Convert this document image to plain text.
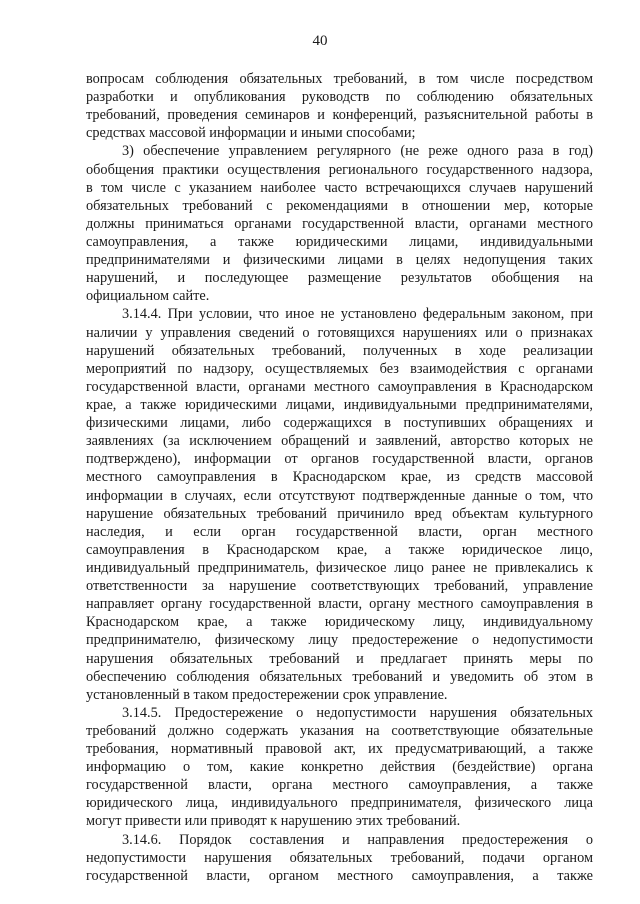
40
вопросам соблюдения обязательных требований, в том числе посредством
разработки и опубликования руководств по соблюдению обязательных
требований, проведения семинаров и конференций, разъяснительной работы в
средствах массовой информации и иными способами;
3) обеспечение управлением регулярного (не реже одного раза в год)
обобщения практики осуществления регионального государственного надзора,
в том числе с указанием наиболее часто встречающихся случаев нарушений
обязательных требований с рекомендациями в отношении мер, которые
должны приниматься органами государственной власти, органами местного
самоуправления, а также юридическими лицами, индивидуальными
предпринимателями и физическими лицами в целях недопущения таких
нарушений, и последующее размещение результатов обобщения на
официальном сайте.
3.14.4. При условии, что иное не установлено федеральным законом, при
наличии у управления сведений о готовящихся нарушениях или о признаках
нарушений обязательных требований, полученных в ходе реализации
мероприятий по надзору, осуществляемых без взаимодействия с органами
государственной власти, органами местного самоуправления в Краснодарском
крае, а также юридическими лицами, индивидуальными предпринимателями,
физическими лицами, либо содержащихся в поступивших обращениях и
заявлениях (за исключением обращений и заявлений, авторство которых не
подтверждено), информации от органов государственной власти, органов
местного самоуправления в Краснодарском крае, из средств массовой
информации в случаях, если отсутствуют подтвержденные данные о том, что
нарушение обязательных требований причинило вред объектам культурного
наследия, и если орган государственной власти, орган местного
самоуправления в Краснодарском крае, а также юридическое лицо,
индивидуальный предприниматель, физическое лицо ранее не привлекались к
ответственности за нарушение соответствующих требований, управление
направляет органу государственной власти, органу местного самоуправления в
Краснодарском крае, а также юридическому лицу, индивидуальному
предпринимателю, физическому лицу предостережение о недопустимости
нарушения обязательных требований и предлагает принять меры по
обеспечению соблюдения обязательных требований и уведомить об этом в
установленный в таком предостережении срок управление.
3.14.5. Предостережение о недопустимости нарушения обязательных
требований должно содержать указания на соответствующие обязательные
требования, нормативный правовой акт, их предусматривающий, а также
информацию о том, какие конкретно действия (бездействие) органа
государственной власти, органа местного самоуправления, а также
юридического лица, индивидуального предпринимателя, физического лица
могут привести или приводят к нарушению этих требований.
3.14.6. Порядок составления и направления предостережения о
недопустимости нарушения обязательных требований, подачи органом
государственной власти, органом местного самоуправления, а также
